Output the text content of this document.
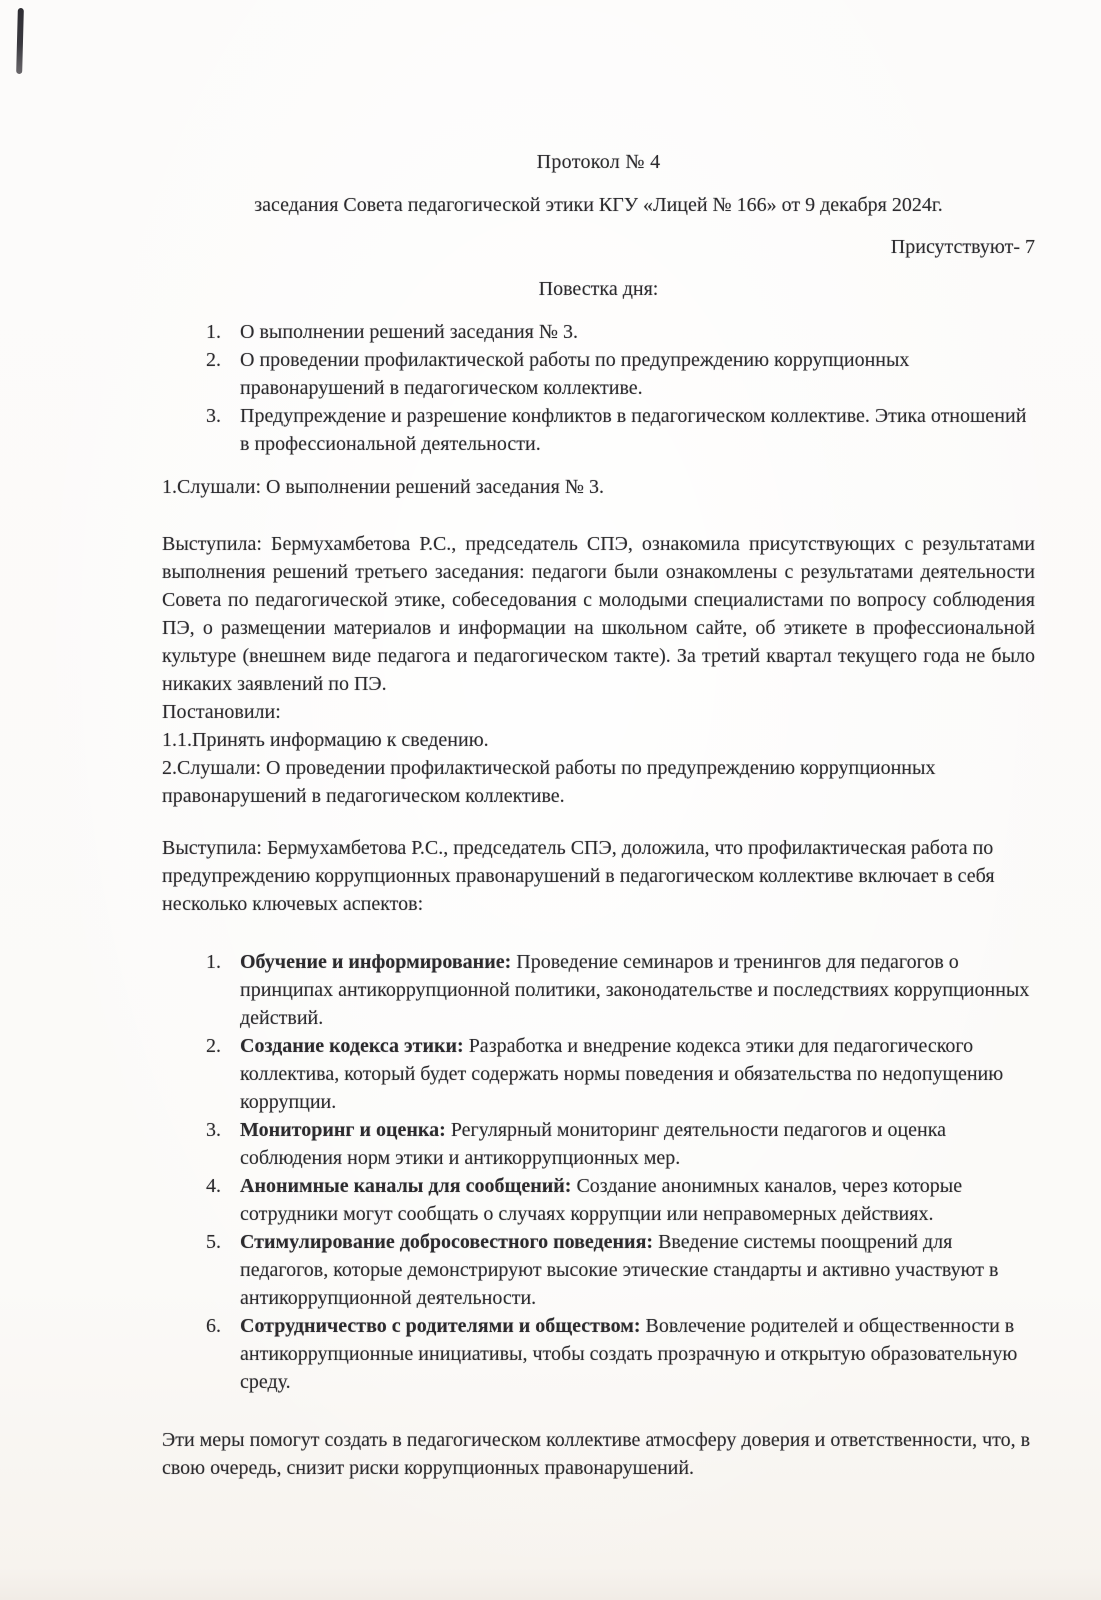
Протокол № 4
заседания Совета педагогической этики КГУ «Лицей № 166» от 9 декабря 2024г.
Присутствуют- 7
Повестка дня:
1. О выполнении решений заседания № 3.
2. О проведении профилактической работы по предупреждению коррупционных правонарушений в педагогическом коллективе.
3. Предупреждение и разрешение конфликтов в педагогическом коллективе. Этика отношений в профессиональной деятельности.
1.Слушали: О выполнении решений заседания № 3.
Выступила: Бермухамбетова Р.С., председатель СПЭ, ознакомила присутствующих с результатами выполнения решений третьего заседания: педагоги были ознакомлены с результатами деятельности Совета по педагогической этике, собеседования с молодыми специалистами по вопросу соблюдения ПЭ, о размещении материалов и информации на школьном сайте, об этикете в профессиональной культуре (внешнем виде педагога и педагогическом такте). За третий квартал текущего года не было никаких заявлений по ПЭ.
Постановили:
1.1.Принять информацию к сведению.
2.Слушали: О проведении профилактической работы по предупреждению коррупционных правонарушений в педагогическом коллективе.
Выступила: Бермухамбетова Р.С., председатель СПЭ, доложила, что профилактическая работа по предупреждению коррупционных правонарушений в педагогическом коллективе включает в себя несколько ключевых аспектов:
1. Обучение и информирование: Проведение семинаров и тренингов для педагогов о принципах антикоррупционной политики, законодательстве и последствиях коррупционных действий.
2. Создание кодекса этики: Разработка и внедрение кодекса этики для педагогического коллектива, который будет содержать нормы поведения и обязательства по недопущению коррупции.
3. Мониторинг и оценка: Регулярный мониторинг деятельности педагогов и оценка соблюдения норм этики и антикоррупционных мер.
4. Анонимные каналы для сообщений: Создание анонимных каналов, через которые сотрудники могут сообщать о случаях коррупции или неправомерных действиях.
5. Стимулирование добросовестного поведения: Введение системы поощрений для педагогов, которые демонстрируют высокие этические стандарты и активно участвуют в антикоррупционной деятельности.
6. Сотрудничество с родителями и обществом: Вовлечение родителей и общественности в антикоррупционные инициативы, чтобы создать прозрачную и открытую образовательную среду.
Эти меры помогут создать в педагогическом коллективе атмосферу доверия и ответственности, что, в свою очередь, снизит риски коррупционных правонарушений.
